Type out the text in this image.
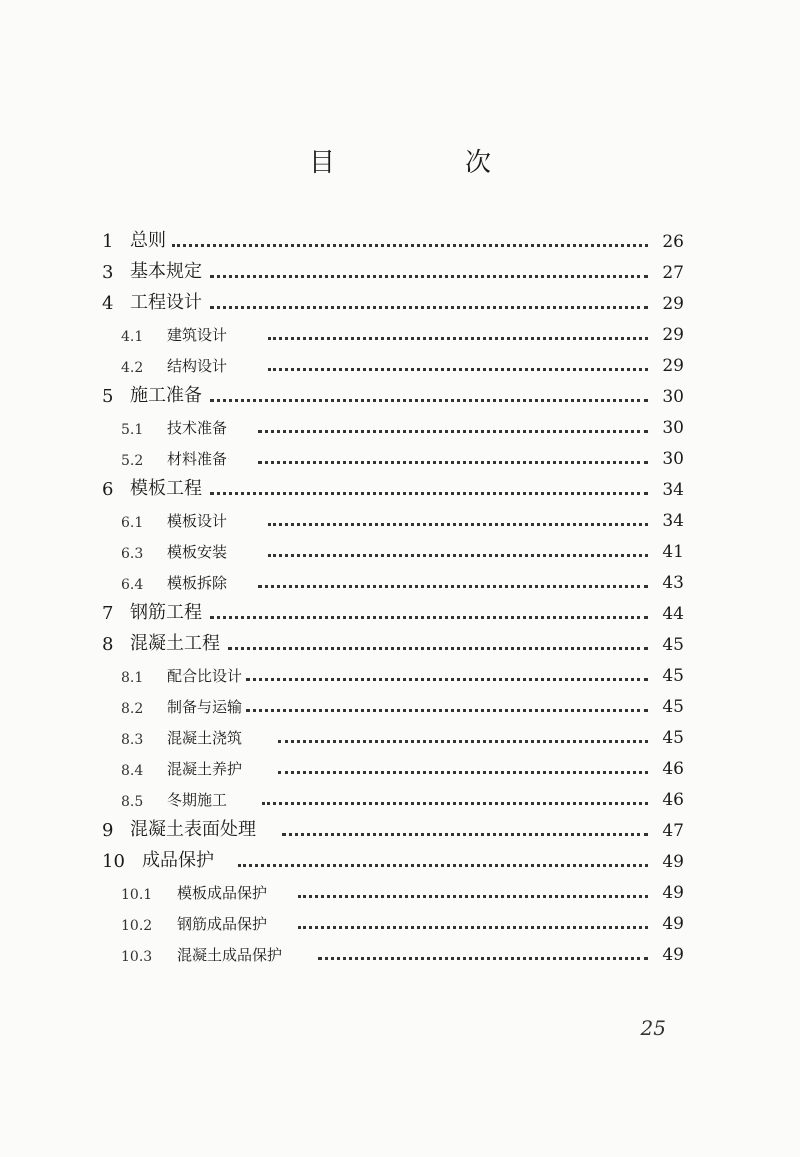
目　次
1 总则	26
3 基本规定	27
4 工程设计	29
4.1 建筑设计	29
4.2 结构设计	29
5 施工准备	30
5.1 技术准备	30
5.2 材料准备	30
6 模板工程	34
6.1 模板设计	34
6.3 模板安装	41
6.4 模板拆除	43
7 钢筋工程	44
8 混凝土工程	45
8.1 配合比设计	45
8.2 制备与运输	45
8.3 混凝土浇筑	45
8.4 混凝土养护	46
8.5 冬期施工	46
9 混凝土表面处理	47
10 成品保护	49
10.1 模板成品保护	49
10.2 钢筋成品保护	49
10.3 混凝土成品保护	49
25
